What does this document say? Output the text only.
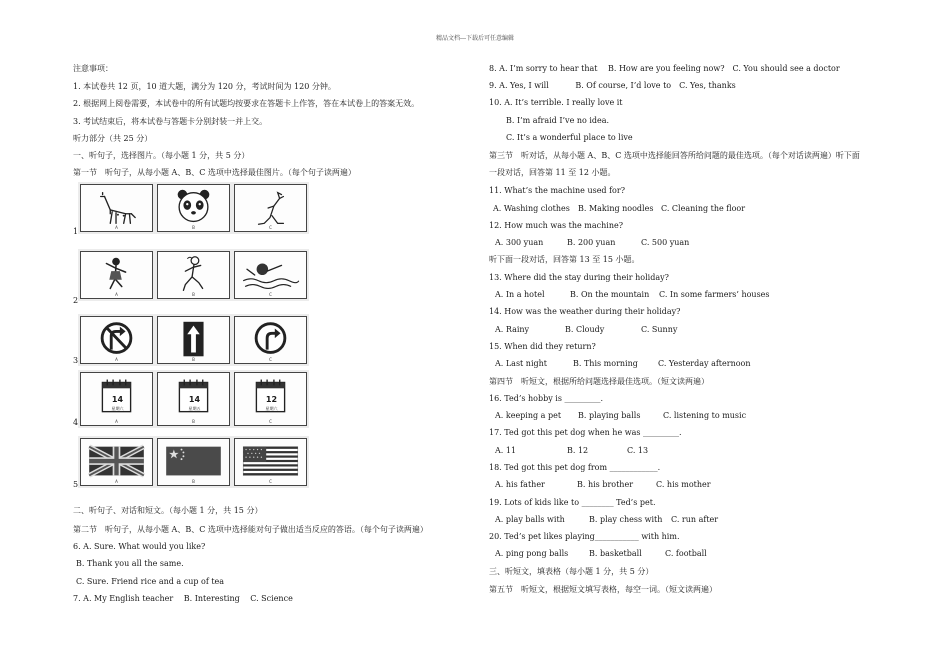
精品文档---下载后可任意编辑
注意事项：
1. 本试卷共 12 页，10 道大题，满分为 120 分，考试时间为 120 分钟。
2. 根据网上阅卷需要，本试卷中的所有试题均按要求在答题卡上作答，答在本试卷上的答案无效。
3. 考试结束后，将本试卷与答题卡分别封装一并上交。
听力部分（共 25 分）
一、听句子，选择图片。（每小题 1 分，共 5 分）
第一节　听句子，从每小题 A、B、C 选项中选择最佳图片。（每个句子读两遍）
1	A	B	C
2
A	B	C
3	A	B	C
4
14
星期六
A
14
星期五
B
12
星期六
C
5	A	B	C
二、听句子、对话和短文。（每小题 1 分，共 15 分）
第二节　听句子，从每小题 A、B、C 选项中选择能对句子做出适当反应的答语。（每个句子读两遍）
6. A. Sure. What would you like?
B. Thank you all the same.
C. Sure. Friend rice and a cup of tea
7. A. My English teacher　 B. Interesting　 C. Science
8. A. I’m sorry to hear that　 B. How are you feeling now?　C. You should see a doctor
9. A. Yes, I will　　　 B. Of course, I’d love to　C. Yes, thanks
10. A. It’s terrible. I really love it
B. I’m afraid I’ve no idea.
C. It’s a wonderful place to live
第三节　听对话，从每小题 A、B、C 选项中选择能回答所给问题的最佳选项。（每个对话读两遍）听下面
一段对话，回答第 11 至 12 小题。
11. What’s the machine used for?
A. Washing clothes B. Making noodles C. Cleaning the floor
12. How much was the machine?
A. 300 yuan	B. 200 yuan	C. 500 yuan
听下面一段对话，回答第 13 至 15 小题。
13. Where did the stay during their holiday?
A. In a hotel	B. On the mountain C. In some farmers’ houses
14. How was the weather during their holiday?
A. Rainy	B. Cloudy	C. Sunny
15. When did they return?
A. Last night	B. This morning	C. Yesterday afternoon
第四节　听短文，根据所给问题选择最佳选项。（短文读两遍）
16. Ted’s hobby is _________.
A. keeping a pet B. playing balls	C. listening to music
17. Ted got this pet dog when he was _________.
A. 11	B. 12	C. 13
18. Ted got this pet dog from ____________.
A. his father	B. his brother	C. his mother
19. Lots of kids like to ________ Ted’s pet.
A. play balls with	B. play chess with C. run after
20. Ted’s pet likes playing___________ with him.
A. ping pong balls	B. basketball	C. football
三、听短文，填表格（每小题 1 分，共 5 分）
第五节　听短文，根据短文填写表格，每空一词。（短文读两遍）
